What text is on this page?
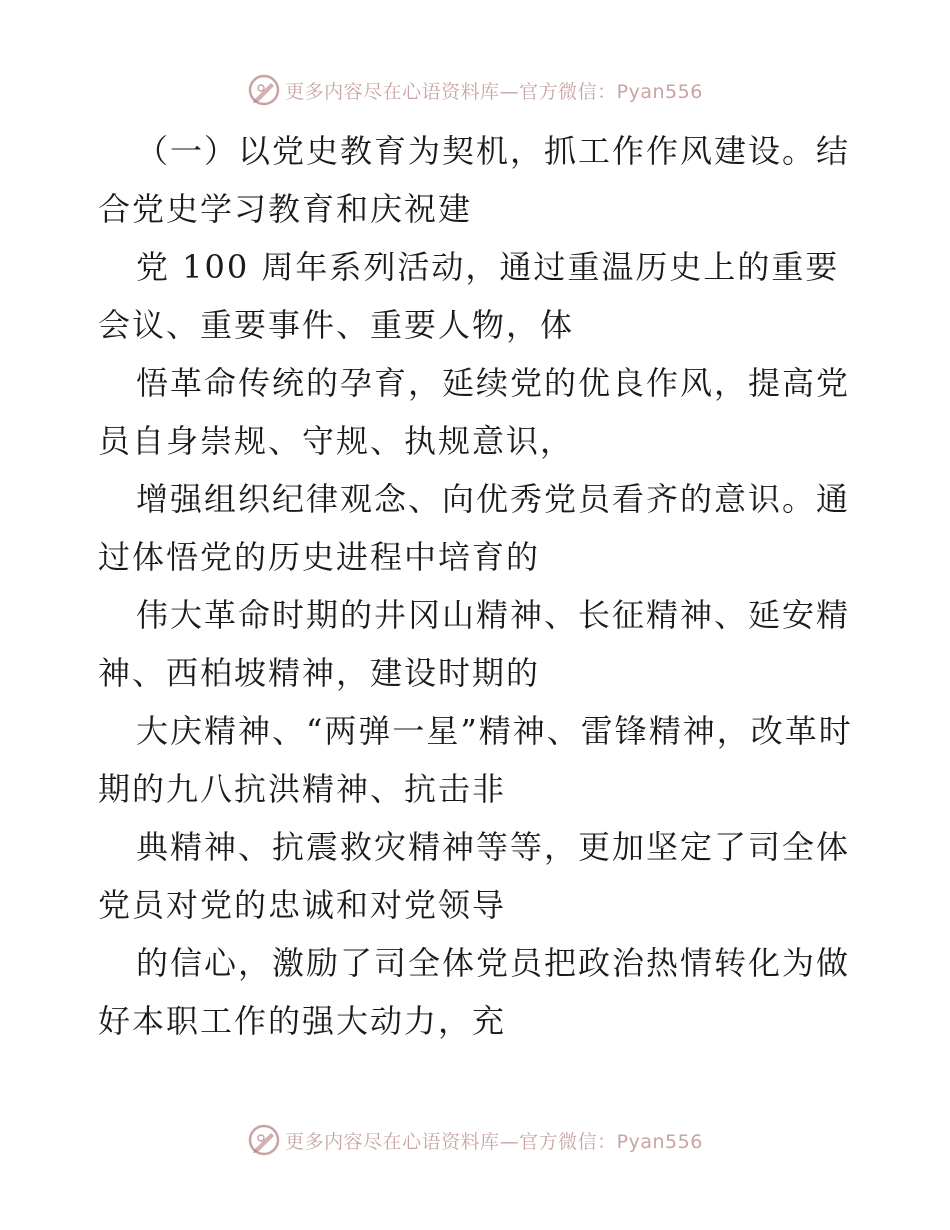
更多内容尽在心语资料库—官方微信：Pyan556

（一）以党史教育为契机，抓工作作风建设。结合党史学习教育和庆祝建

党 100 周年系列活动，通过重温历史上的重要会议、重要事件、重要人物，体

悟革命传统的孕育，延续党的优良作风，提高党员自身崇规、守规、执规意识，

增强组织纪律观念、向优秀党员看齐的意识。通过体悟党的历史进程中培育的

伟大革命时期的井冈山精神、长征精神、延安精神、西柏坡精神，建设时期的

大庆精神、“两弹一星”精神、雷锋精神，改革时期的九八抗洪精神、抗击非

典精神、抗震救灾精神等等，更加坚定了司全体党员对党的忠诚和对党领导

的信心，激励了司全体党员把政治热情转化为做好本职工作的强大动力，充

更多内容尽在心语资料库—官方微信：Pyan556
